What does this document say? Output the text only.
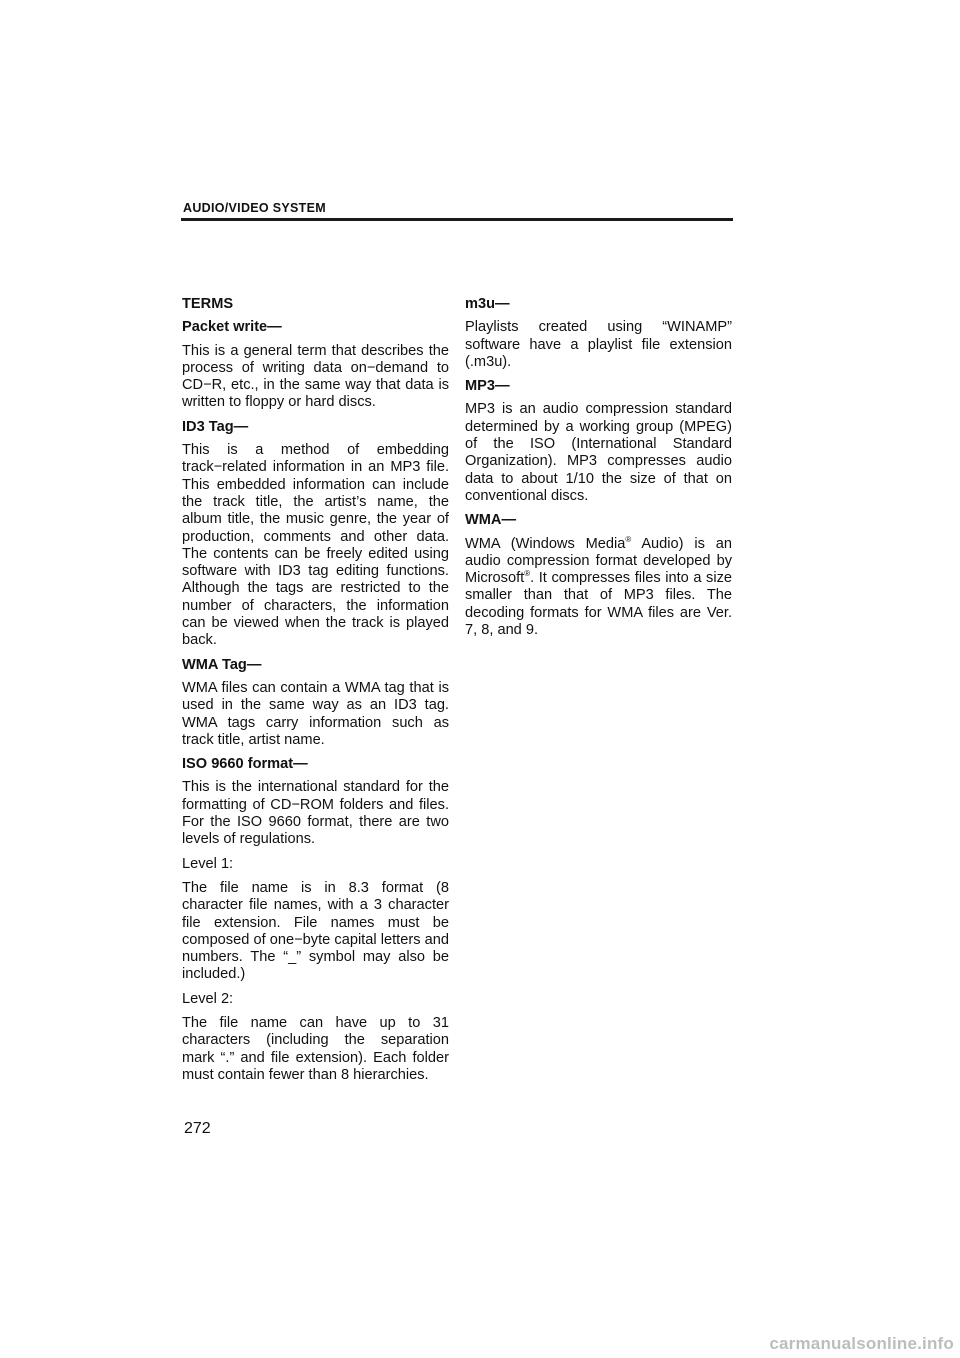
AUDIO/VIDEO SYSTEM

TERMS

Packet write—

This is a general term that describes the process of writing data on−demand to CD−R, etc., in the same way that data is written to floppy or hard discs.

ID3 Tag—

This is a method of embedding track−related information in an MP3 file. This embedded information can include the track title, the artist’s name, the album title, the music genre, the year of production, comments and other data. The contents can be freely edited using software with ID3 tag editing functions. Although the tags are restricted to the number of characters, the information can be viewed when the track is played back.

WMA Tag—

WMA files can contain a WMA tag that is used in the same way as an ID3 tag. WMA tags carry information such as track title, artist name.

ISO 9660 format—

This is the international standard for the formatting of CD−ROM folders and files. For the ISO 9660 format, there are two levels of regulations.

Level 1:

The file name is in 8.3 format (8 character file names, with a 3 character file extension. File names must be composed of one−byte capital letters and numbers. The “_” symbol may also be included.)

Level 2:

The file name can have up to 31 characters (including the separation mark “.” and file extension). Each folder must contain fewer than 8 hierarchies.

m3u—

Playlists created using “WINAMP” software have a playlist file extension (.m3u).

MP3—

MP3 is an audio compression standard determined by a working group (MPEG) of the ISO (International Standard Organization). MP3 compresses audio data to about 1/10 the size of that on conventional discs.

WMA—

WMA (Windows Media® Audio) is an audio compression format developed by Microsoft®. It compresses files into a size smaller than that of MP3 files. The decoding formats for WMA files are Ver. 7, 8, and 9.

272
carmanualsonline.info
